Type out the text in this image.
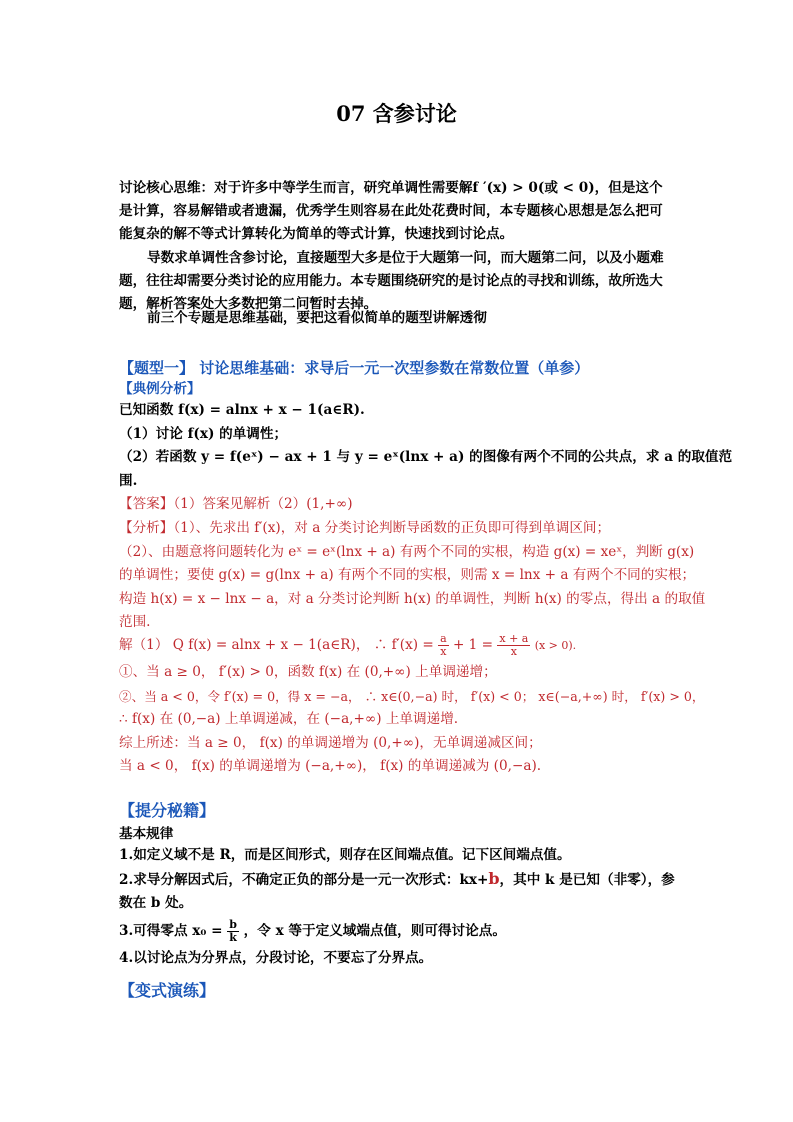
07 含参讨论

讨论核心思维：对于许多中等学生而言，研究单调性需要解f ′(x) > 0(或 < 0)，但是这个是计算，容易解错或者遗漏，优秀学生则容易在此处花费时间，本专题核心思想是怎么把可能复杂的解不等式计算转化为简单的等式计算，快速找到讨论点。

导数求单调性含参讨论，直接题型大多是位于大题第一问，而大题第二问，以及小题难题，往往却需要分类讨论的应用能力。本专题围绕研究的是讨论点的寻找和训练，故所选大题，解析答案处大多数把第二问暂时去掉。

前三个专题是思维基础，要把这看似简单的题型讲解透彻

【题型一】 讨论思维基础：求导后一元一次型参数在常数位置（单参）
【典例分析】

已知函数 f(x) = alnx + x − 1(a∈R).

（1）讨论 f(x) 的单调性；

（2）若函数 y = f(eˣ) − ax + 1 与 y = eˣ(lnx + a) 的图像有两个不同的公共点，求 a 的取值范

围.

【答案】（1）答案见解析（2）(1,+∞)

【分析】（1）、先求出 f′(x)，对 a 分类讨论判断导函数的正负即可得到单调区间；

（2）、由题意将问题转化为 eˣ = eˣ(lnx + a) 有两个不同的实根，构造 g(x) = xeˣ，判断 g(x)

的单调性；要使 g(x) = g(lnx + a) 有两个不同的实根，则需 x = lnx + a 有两个不同的实根；

构造 h(x) = x − lnx − a，对 a 分类讨论判断 h(x) 的单调性，判断 h(x) 的零点，得出 a 的取值

范围.

解（1） Q f(x) = alnx + x − 1(a∈R)， ∴ $f'(x) = \frac{a}{x} + 1 = \frac{x + a}{x} (x > 0)$.

①、当 a ≥ 0， f′(x) > 0，函数 f(x) 在 (0,+∞) 上单调递增；

②、当 a < 0，令 f′(x) = 0，得 x = −a， ∴ x∈(0,−a) 时， f′(x) < 0； x∈(−a,+∞) 时， f′(x) > 0，

∴ f(x) 在 (0,−a) 上单调递减，在 (−a,+∞) 上单调递增.

综上所述：当 a ≥ 0， f(x) 的单调递增为 (0,+∞)，无单调递减区间；

当 a < 0， f(x) 的单调递增为 (−a,+∞)， f(x) 的单调递减为 (0,−a).

【提分秘籍】

基本规律

1.如定义域不是 R，而是区间形式，则存在区间端点值。记下区间端点值。

2.求导分解因式后，不确定正负的部分是一元一次形式：kx+b，其中 k 是已知（非零），参

数在 b 处。

3.可得零点 $x_0 = \frac{b}{k}$ ，令 x 等于定义域端点值，则可得讨论点。

4.以讨论点为分界点，分段讨论，不要忘了分界点。

【变式演练】
